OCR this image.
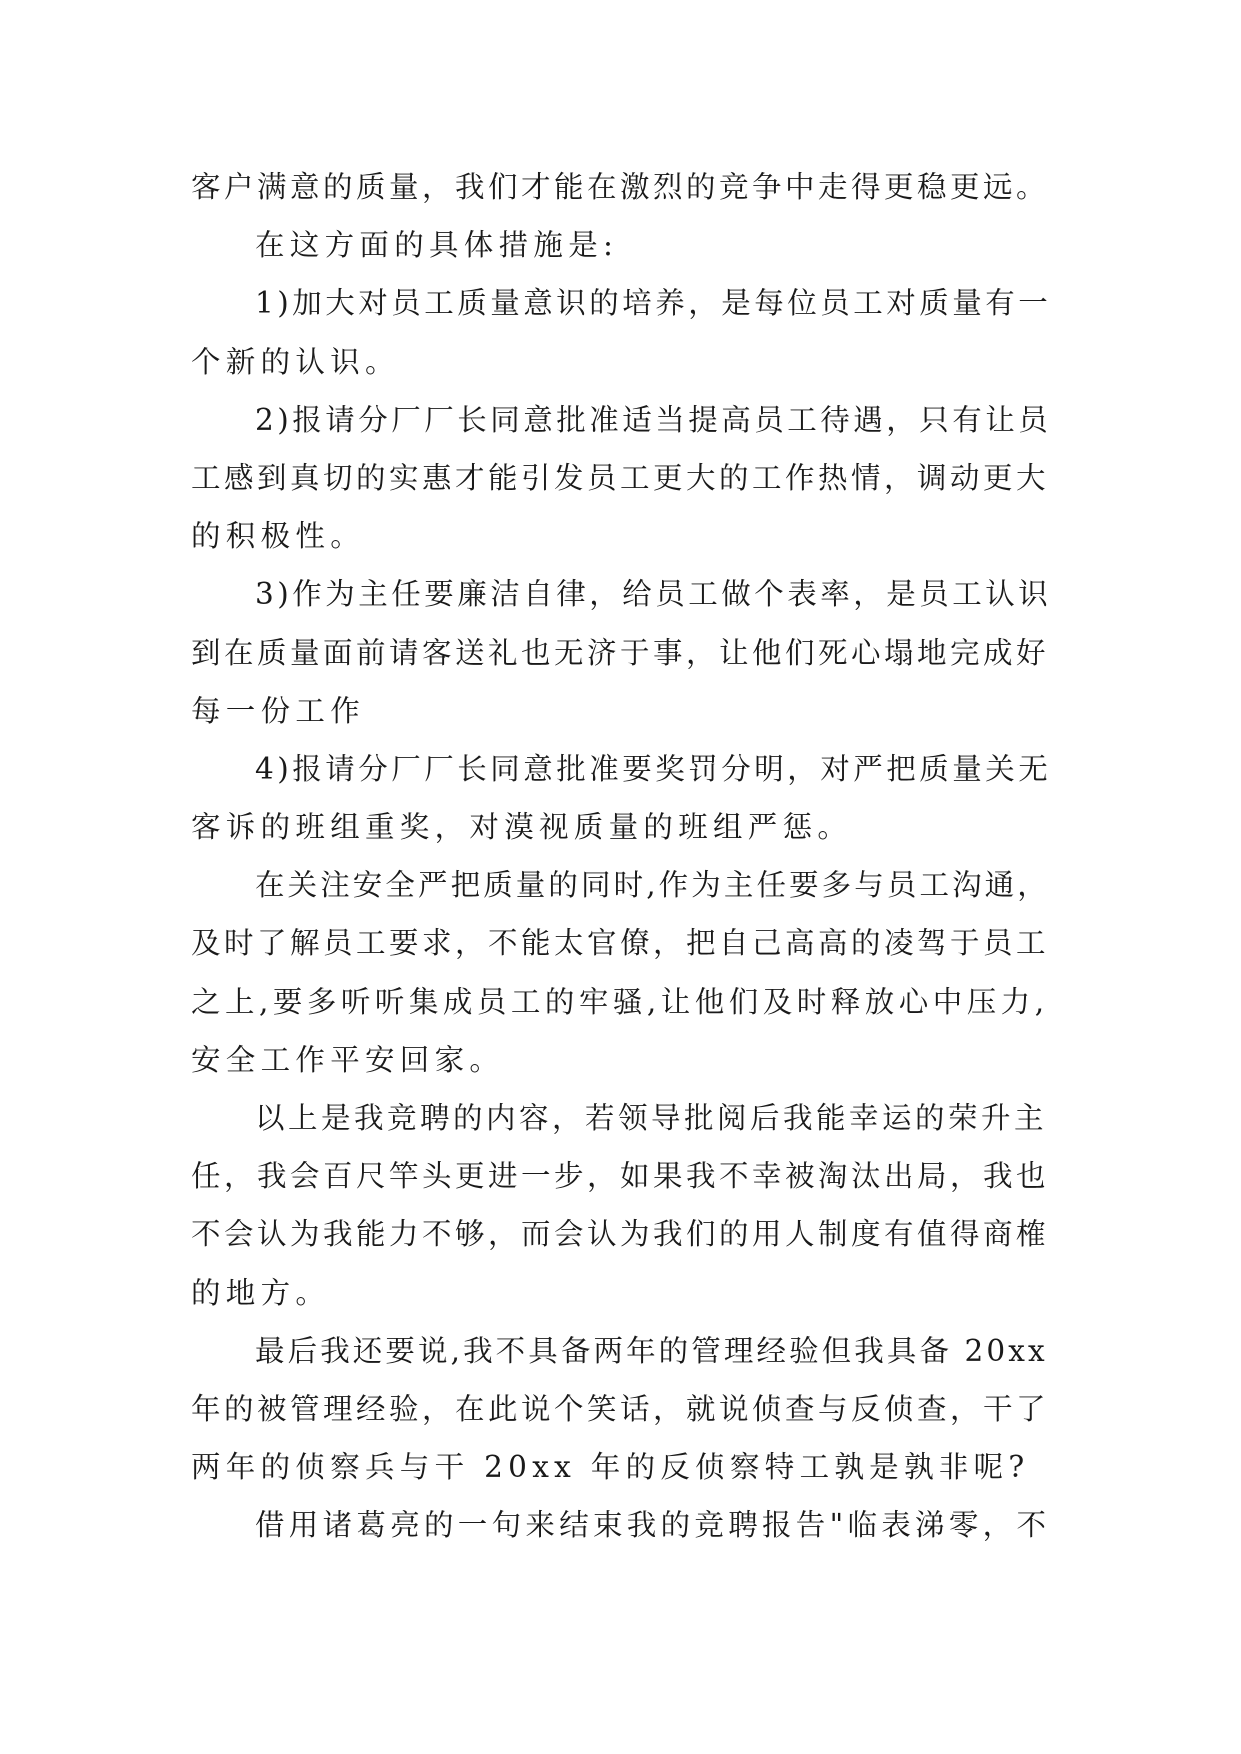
客户满意的质量，我们才能在激烈的竞争中走得更稳更远。
在这方面的具体措施是:
1)加大对员工质量意识的培养，是每位员工对质量有一
个新的认识。
2)报请分厂厂长同意批准适当提高员工待遇，只有让员
工感到真切的实惠才能引发员工更大的工作热情，调动更大
的积极性。
3)作为主任要廉洁自律，给员工做个表率，是员工认识
到在质量面前请客送礼也无济于事，让他们死心塌地完成好
每一份工作
4)报请分厂厂长同意批准要奖罚分明，对严把质量关无
客诉的班组重奖，对漠视质量的班组严惩。
在关注安全严把质量的同时,作为主任要多与员工沟通，
及时了解员工要求，不能太官僚，把自己高高的凌驾于员工
之上,要多听听集成员工的牢骚,让他们及时释放心中压力,
安全工作平安回家。
以上是我竞聘的内容，若领导批阅后我能幸运的荣升主
任，我会百尺竿头更进一步，如果我不幸被淘汰出局，我也
不会认为我能力不够，而会认为我们的用人制度有值得商榷
的地方。
最后我还要说,我不具备两年的管理经验但我具备 20xx
年的被管理经验，在此说个笑话，就说侦查与反侦查，干了
两年的侦察兵与干 20xx 年的反侦察特工孰是孰非呢?
借用诸葛亮的一句来结束我的竞聘报告"临表涕零，不
